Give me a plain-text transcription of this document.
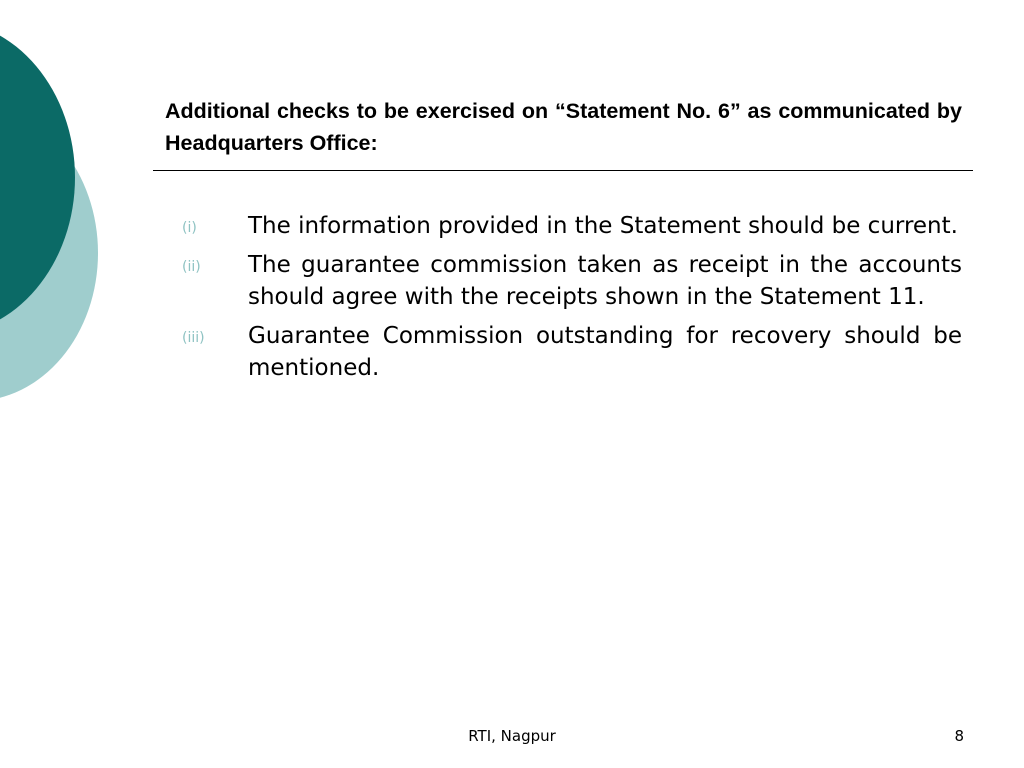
Additional checks to be exercised on “Statement No. 6” as communicated by Headquarters Office:
(i) The information provided in the Statement should be current.
(ii) The guarantee commission taken as receipt in the accounts should agree with the receipts shown in the Statement 11.
(iii) Guarantee Commission outstanding for recovery should be mentioned.
RTI, Nagpur	8
